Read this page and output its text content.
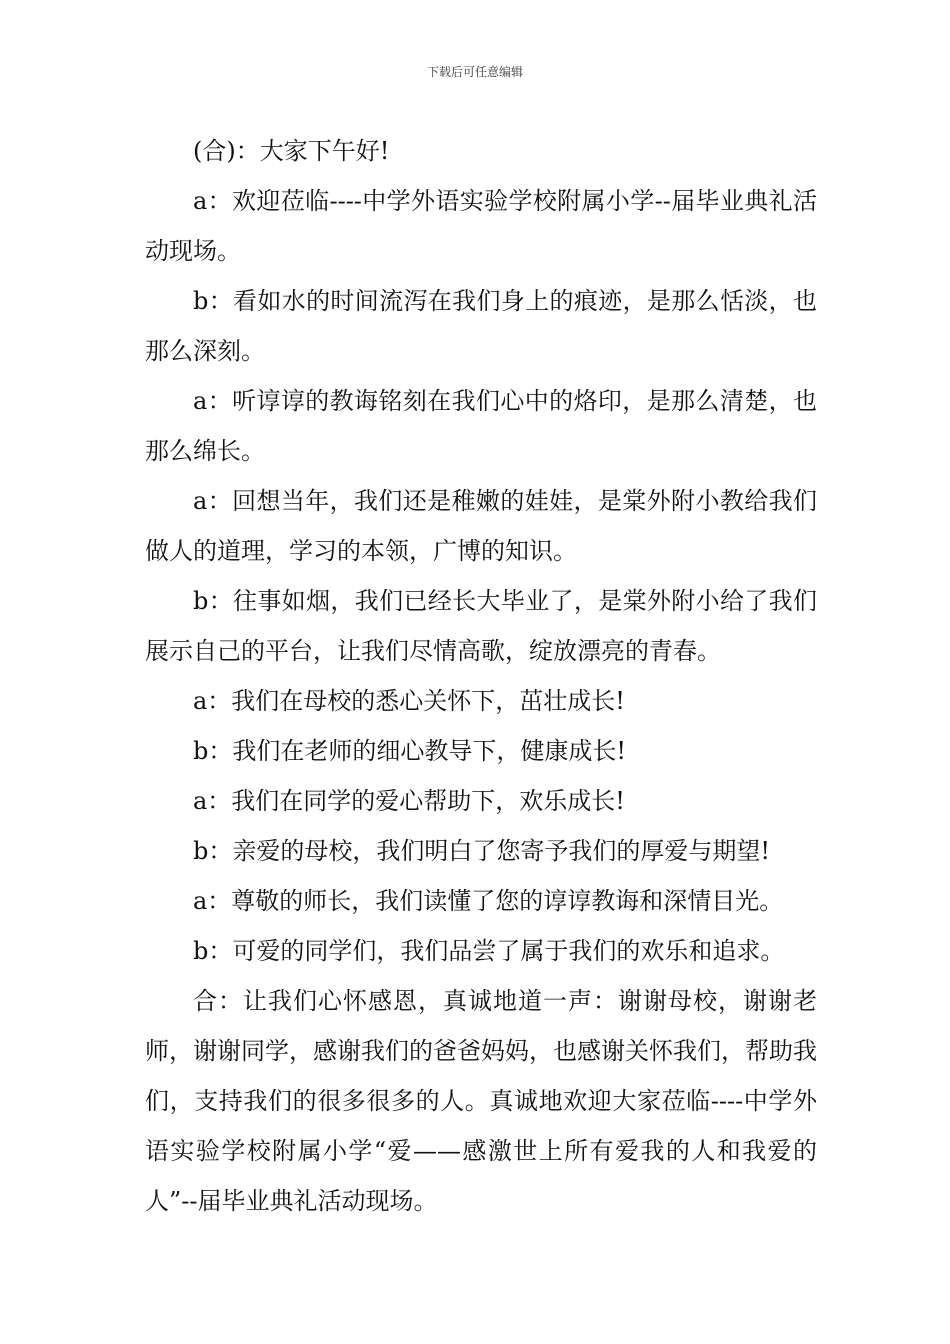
下载后可任意编辑

(合)：大家下午好!

a：欢迎莅临----中学外语实验学校附属小学--届毕业典礼活动现场。

b：看如水的时间流泻在我们身上的痕迹，是那么恬淡，也那么深刻。

a：听谆谆的教诲铭刻在我们心中的烙印，是那么清楚，也那么绵长。

a：回想当年，我们还是稚嫩的娃娃，是棠外附小教给我们做人的道理，学习的本领，广博的知识。

b：往事如烟，我们已经长大毕业了，是棠外附小给了我们展示自己的平台，让我们尽情高歌，绽放漂亮的青春。

a：我们在母校的悉心关怀下，茁壮成长!

b：我们在老师的细心教导下，健康成长!

a：我们在同学的爱心帮助下，欢乐成长!

b：亲爱的母校，我们明白了您寄予我们的厚爱与期望!

a：尊敬的师长，我们读懂了您的谆谆教诲和深情目光。

b：可爱的同学们，我们品尝了属于我们的欢乐和追求。

合：让我们心怀感恩，真诚地道一声：谢谢母校，谢谢老师，谢谢同学，感谢我们的爸爸妈妈，也感谢关怀我们，帮助我们，支持我们的很多很多的人。真诚地欢迎大家莅临----中学外语实验学校附属小学“爱——感激世上所有爱我的人和我爱的人”--届毕业典礼活动现场。
